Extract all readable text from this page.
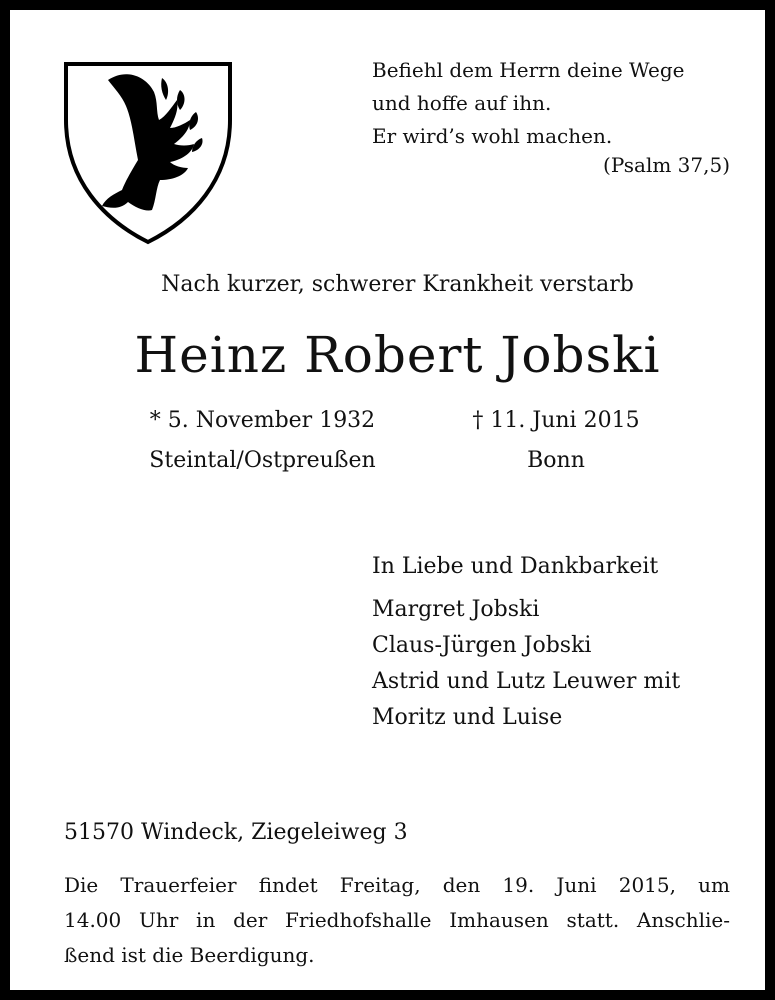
Befiehl dem Herrn deine Wege
und hoffe auf ihn.
Er wird’s wohl machen.
(Psalm 37,5)
Nach kurzer, schwerer Krankheit verstarb
Heinz Robert Jobski
* 5. November 1932
Steintal/Ostpreußen
† 11. Juni 2015
Bonn
In Liebe und Dankbarkeit
Margret Jobski
Claus-Jürgen Jobski
Astrid und Lutz Leuwer mit
Moritz und Luise
51570 Windeck, Ziegeleiweg 3
Die Trauerfeier findet Freitag, den 19. Juni 2015, um
14.00 Uhr in der Friedhofshalle Imhausen statt. Anschlie-
ßend ist die Beerdigung.
